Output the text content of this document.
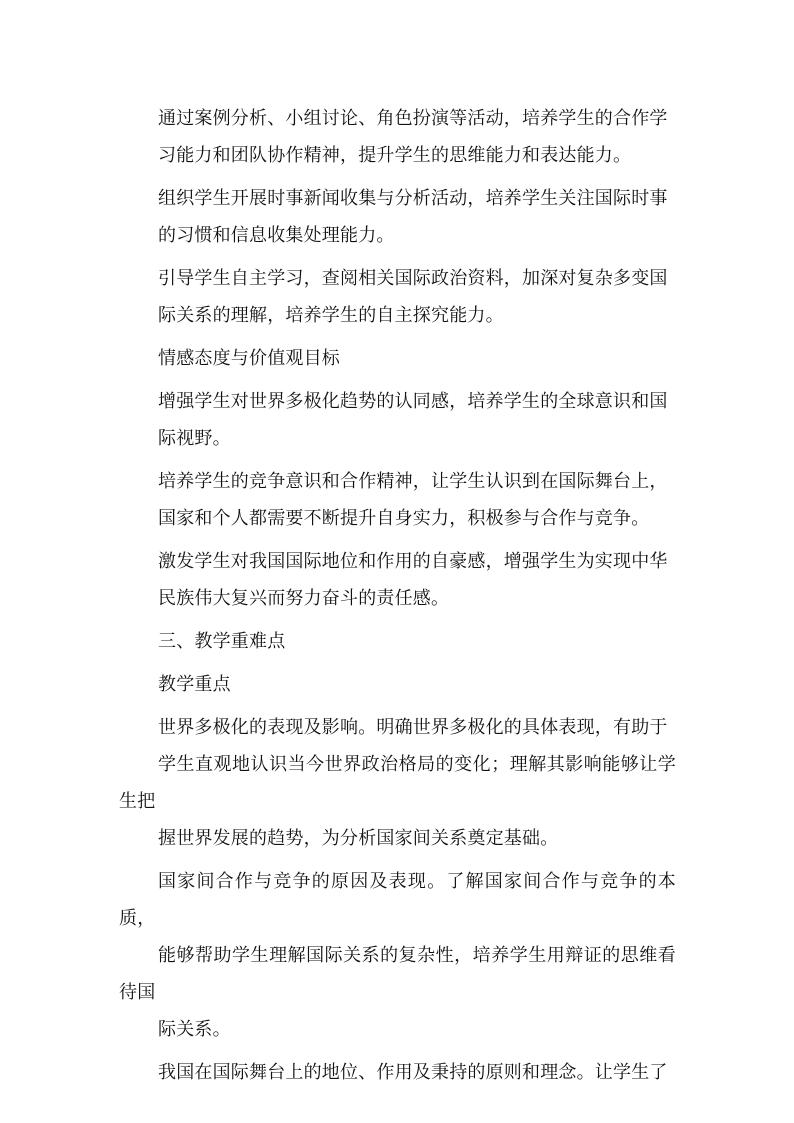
通过案例分析、小组讨论、角色扮演等活动，培养学生的合作学
习能力和团队协作精神，提升学生的思维能力和表达能力。

组织学生开展时事新闻收集与分析活动，培养学生关注国际时事
的习惯和信息收集处理能力。

引导学生自主学习，查阅相关国际政治资料，加深对复杂多变国
际关系的理解，培养学生的自主探究能力。

情感态度与价值观目标

增强学生对世界多极化趋势的认同感，培养学生的全球意识和国
际视野。

培养学生的竞争意识和合作精神，让学生认识到在国际舞台上，
国家和个人都需要不断提升自身实力，积极参与合作与竞争。

激发学生对我国国际地位和作用的自豪感，增强学生为实现中华
民族伟大复兴而努力奋斗的责任感。

三、教学重难点

教学重点

世界多极化的表现及影响。明确世界多极化的具体表现，有助于
学生直观地认识当今世界政治格局的变化；理解其影响能够让学生把
握世界发展的趋势，为分析国家间关系奠定基础。

国家间合作与竞争的原因及表现。了解国家间合作与竞争的本质，
能够帮助学生理解国际关系的复杂性，培养学生用辩证的思维看待国
际关系。

我国在国际舞台上的地位、作用及秉持的原则和理念。让学生了
